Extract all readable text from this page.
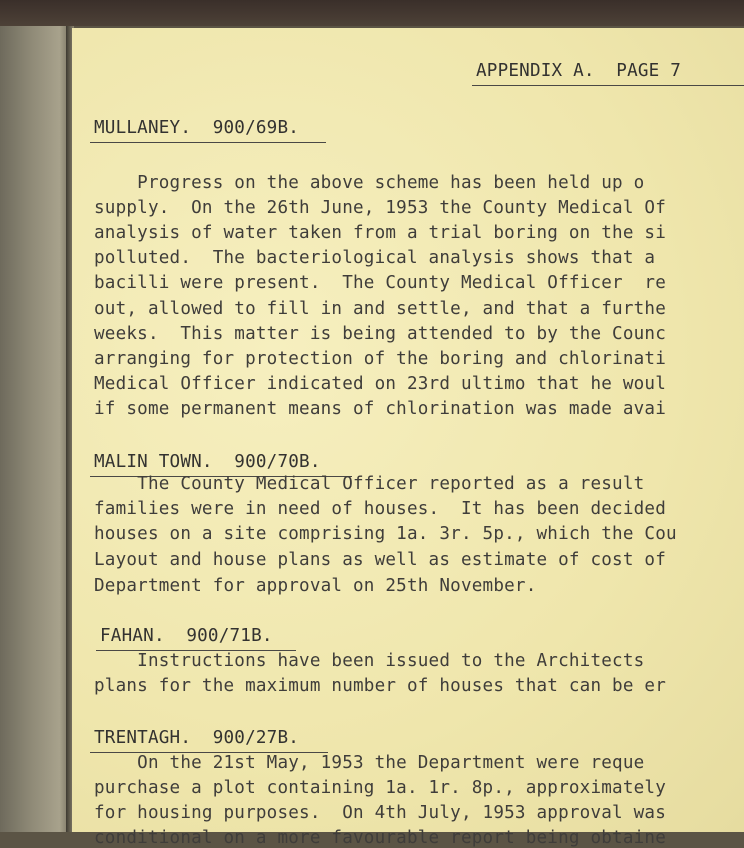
APPENDIX A.  PAGE 7
MULLANEY.  900/69B.
Progress on the above scheme has been held up o
supply.  On the 26th June, 1953 the County Medical Of
analysis of water taken from a trial boring on the si
polluted.  The bacteriological analysis shows that a
bacilli were present.  The County Medical Officer  re
out, allowed to fill in and settle, and that a furthe
weeks.  This matter is being attended to by the Counc
arranging for protection of the boring and chlorinati
Medical Officer indicated on 23rd ultimo that he woul
if some permanent means of chlorination was made avai
MALIN TOWN.  900/70B.
The County Medical Officer reported as a result
families were in need of houses.  It has been decided
houses on a site comprising 1a. 3r. 5p., which the Cou
Layout and house plans as well as estimate of cost of
Department for approval on 25th November.
FAHAN.  900/71B.
Instructions have been issued to the Architects
plans for the maximum number of houses that can be er
TRENTAGH.  900/27B.
On the 21st May, 1953 the Department were reque
purchase a plot containing 1a. 1r. 8p., approximately
for housing purposes.  On 4th July, 1953 approval was
conditional on a more favourable report being obtaine
